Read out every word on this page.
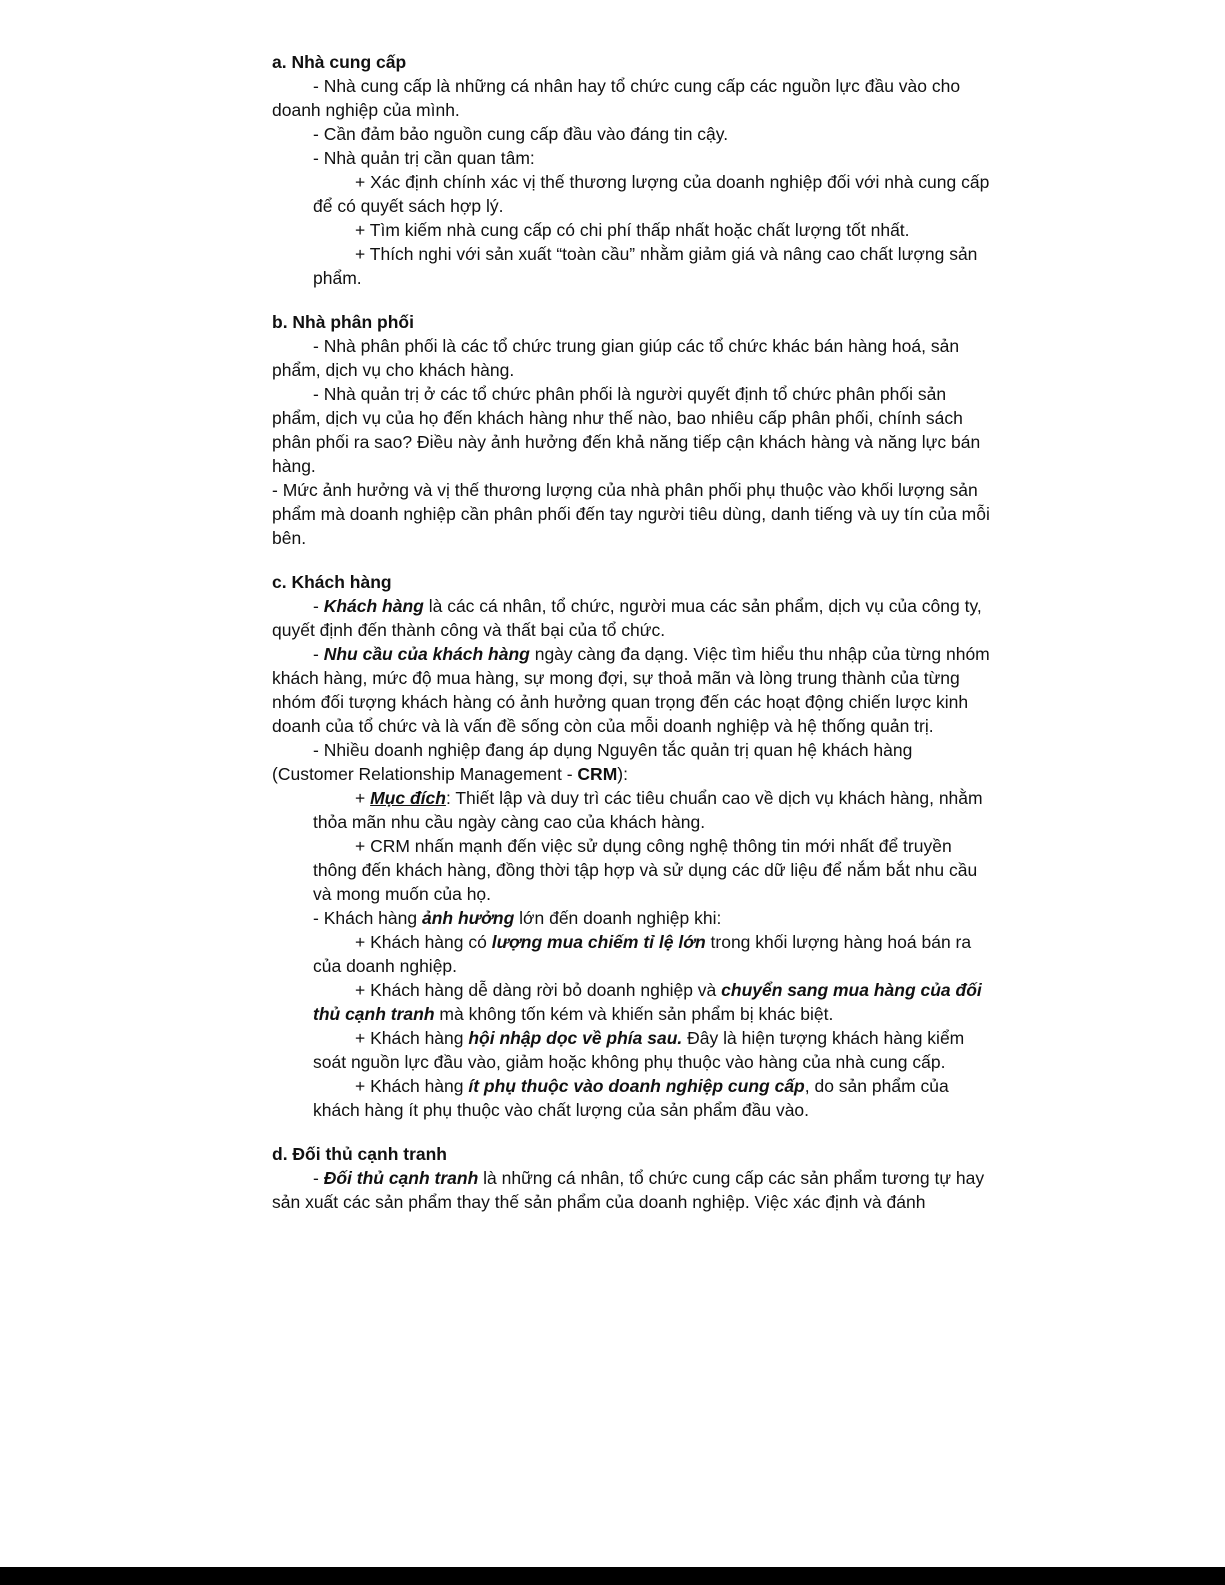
a. Nhà cung cấp

- Nhà cung cấp là những cá nhân hay tổ chức cung cấp các nguồn lực đầu vào cho doanh nghiệp của mình.

- Cần đảm bảo nguồn cung cấp đầu vào đáng tin cậy.

- Nhà quản trị cần quan tâm:

+ Xác định chính xác vị thế thương lượng của doanh nghiệp đối với nhà cung cấp để có quyết sách hợp lý.

+ Tìm kiếm nhà cung cấp có chi phí thấp nhất hoặc chất lượng tốt nhất.

+ Thích nghi với sản xuất “toàn cầu” nhằm giảm giá và nâng cao chất lượng sản phẩm.

b. Nhà phân phối

- Nhà phân phối là các tổ chức trung gian giúp các tổ chức khác bán hàng hoá, sản phẩm, dịch vụ cho khách hàng.

- Nhà quản trị ở các tổ chức phân phối là người quyết định tổ chức phân phối sản phẩm, dịch vụ của họ đến khách hàng như thế nào, bao nhiêu cấp phân phối, chính sách phân phối ra sao? Điều này ảnh hưởng đến khả năng tiếp cận khách hàng và năng lực bán hàng.

- Mức ảnh hưởng và vị thế thương lượng của nhà phân phối phụ thuộc vào khối lượng sản phẩm mà doanh nghiệp cần phân phối đến tay người tiêu dùng, danh tiếng và uy tín của mỗi bên.

c. Khách hàng

- Khách hàng là các cá nhân, tổ chức, người mua các sản phẩm, dịch vụ của công ty, quyết định đến thành công và thất bại của tổ chức.

- Nhu cầu của khách hàng ngày càng đa dạng. Việc tìm hiểu thu nhập của từng nhóm khách hàng, mức độ mua hàng, sự mong đợi, sự thoả mãn và lòng trung thành của từng nhóm đối tượng khách hàng có ảnh hưởng quan trọng đến các hoạt động chiến lược kinh doanh của tổ chức và là vấn đề sống còn của mỗi doanh nghiệp và hệ thống quản trị.

- Nhiều doanh nghiệp đang áp dụng Nguyên tắc quản trị quan hệ khách hàng (Customer Relationship Management - CRM):

+ Mục đích: Thiết lập và duy trì các tiêu chuẩn cao về dịch vụ khách hàng, nhằm thỏa mãn nhu cầu ngày càng cao của khách hàng.

+ CRM nhấn mạnh đến việc sử dụng công nghệ thông tin mới nhất để truyền thông đến khách hàng, đồng thời tập hợp và sử dụng các dữ liệu để nắm bắt nhu cầu và mong muốn của họ.

- Khách hàng ảnh hưởng lớn đến doanh nghiệp khi:

+ Khách hàng có lượng mua chiếm tỉ lệ lớn trong khối lượng hàng hoá bán ra của doanh nghiệp.

+ Khách hàng dễ dàng rời bỏ doanh nghiệp và chuyển sang mua hàng của đối thủ cạnh tranh mà không tốn kém và khiến sản phẩm bị khác biệt.

+ Khách hàng hội nhập dọc về phía sau. Đây là hiện tượng khách hàng kiểm soát nguồn lực đầu vào, giảm hoặc không phụ thuộc vào hàng của nhà cung cấp.

+ Khách hàng ít phụ thuộc vào doanh nghiệp cung cấp, do sản phẩm của khách hàng ít phụ thuộc vào chất lượng của sản phẩm đầu vào.

d. Đối thủ cạnh tranh

- Đối thủ cạnh tranh là những cá nhân, tổ chức cung cấp các sản phẩm tương tự hay sản xuất các sản phẩm thay thế sản phẩm của doanh nghiệp. Việc xác định và đánh
